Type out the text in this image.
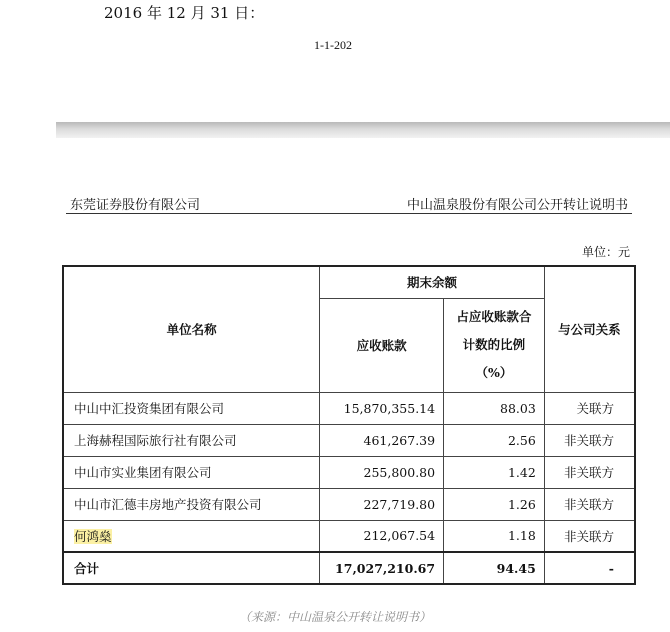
2016 年 12 月 31 日：
1-1-202
东莞证券股份有限公司	中山温泉股份有限公司公开转让说明书
单位：元
单位名称	期末余额		与公司关系
	应收账款	占应收账款合计数的比例（%）	
中山中汇投资集团有限公司	15,870,355.14	88.03	关联方
上海赫程国际旅行社有限公司	461,267.39	2.56	非关联方
中山市实业集团有限公司	255,800.80	1.42	非关联方
中山市汇德丰房地产投资有限公司	227,719.80	1.26	非关联方
何鸿燊	212,067.54	1.18	非关联方
合计	17,027,210.67	94.45	-
（来源：中山温泉公开转让说明书）
